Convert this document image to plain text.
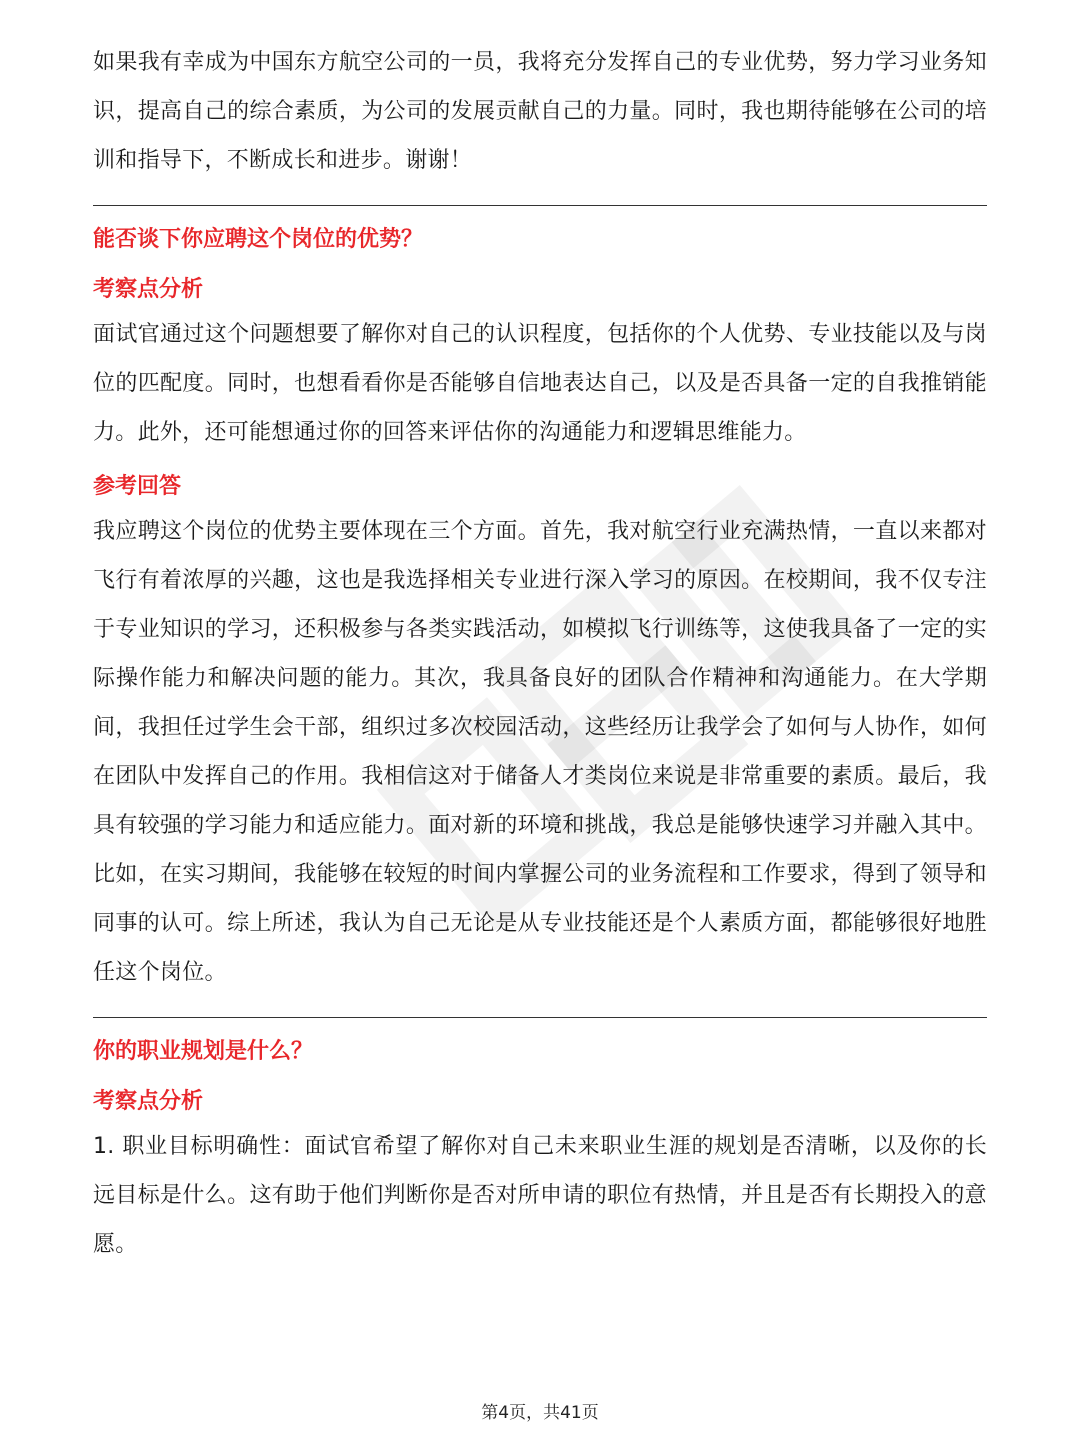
如果我有幸成为中国东方航空公司的一员，我将充分发挥自己的专业优势，努力学习业务知识，提高自己的综合素质，为公司的发展贡献自己的力量。同时，我也期待能够在公司的培训和指导下，不断成长和进步。谢谢！

能否谈下你应聘这个岗位的优势？

考察点分析

面试官通过这个问题想要了解你对自己的认识程度，包括你的个人优势、专业技能以及与岗位的匹配度。同时，也想看看你是否能够自信地表达自己，以及是否具备一定的自我推销能力。此外，还可能想通过你的回答来评估你的沟通能力和逻辑思维能力。

参考回答

我应聘这个岗位的优势主要体现在三个方面。首先，我对航空行业充满热情，一直以来都对飞行有着浓厚的兴趣，这也是我选择相关专业进行深入学习的原因。在校期间，我不仅专注于专业知识的学习，还积极参与各类实践活动，如模拟飞行训练等，这使我具备了一定的实际操作能力和解决问题的能力。其次，我具备良好的团队合作精神和沟通能力。在大学期间，我担任过学生会干部，组织过多次校园活动，这些经历让我学会了如何与人协作，如何在团队中发挥自己的作用。我相信这对于储备人才类岗位来说是非常重要的素质。最后，我具有较强的学习能力和适应能力。面对新的环境和挑战，我总是能够快速学习并融入其中。比如，在实习期间，我能够在较短的时间内掌握公司的业务流程和工作要求，得到了领导和同事的认可。综上所述，我认为自己无论是从专业技能还是个人素质方面，都能够很好地胜任这个岗位。

你的职业规划是什么？

考察点分析

1. 职业目标明确性：面试官希望了解你对自己未来职业生涯的规划是否清晰，以及你的长远目标是什么。这有助于他们判断你是否对所申请的职位有热情，并且是否有长期投入的意愿。

第4页，共41页
